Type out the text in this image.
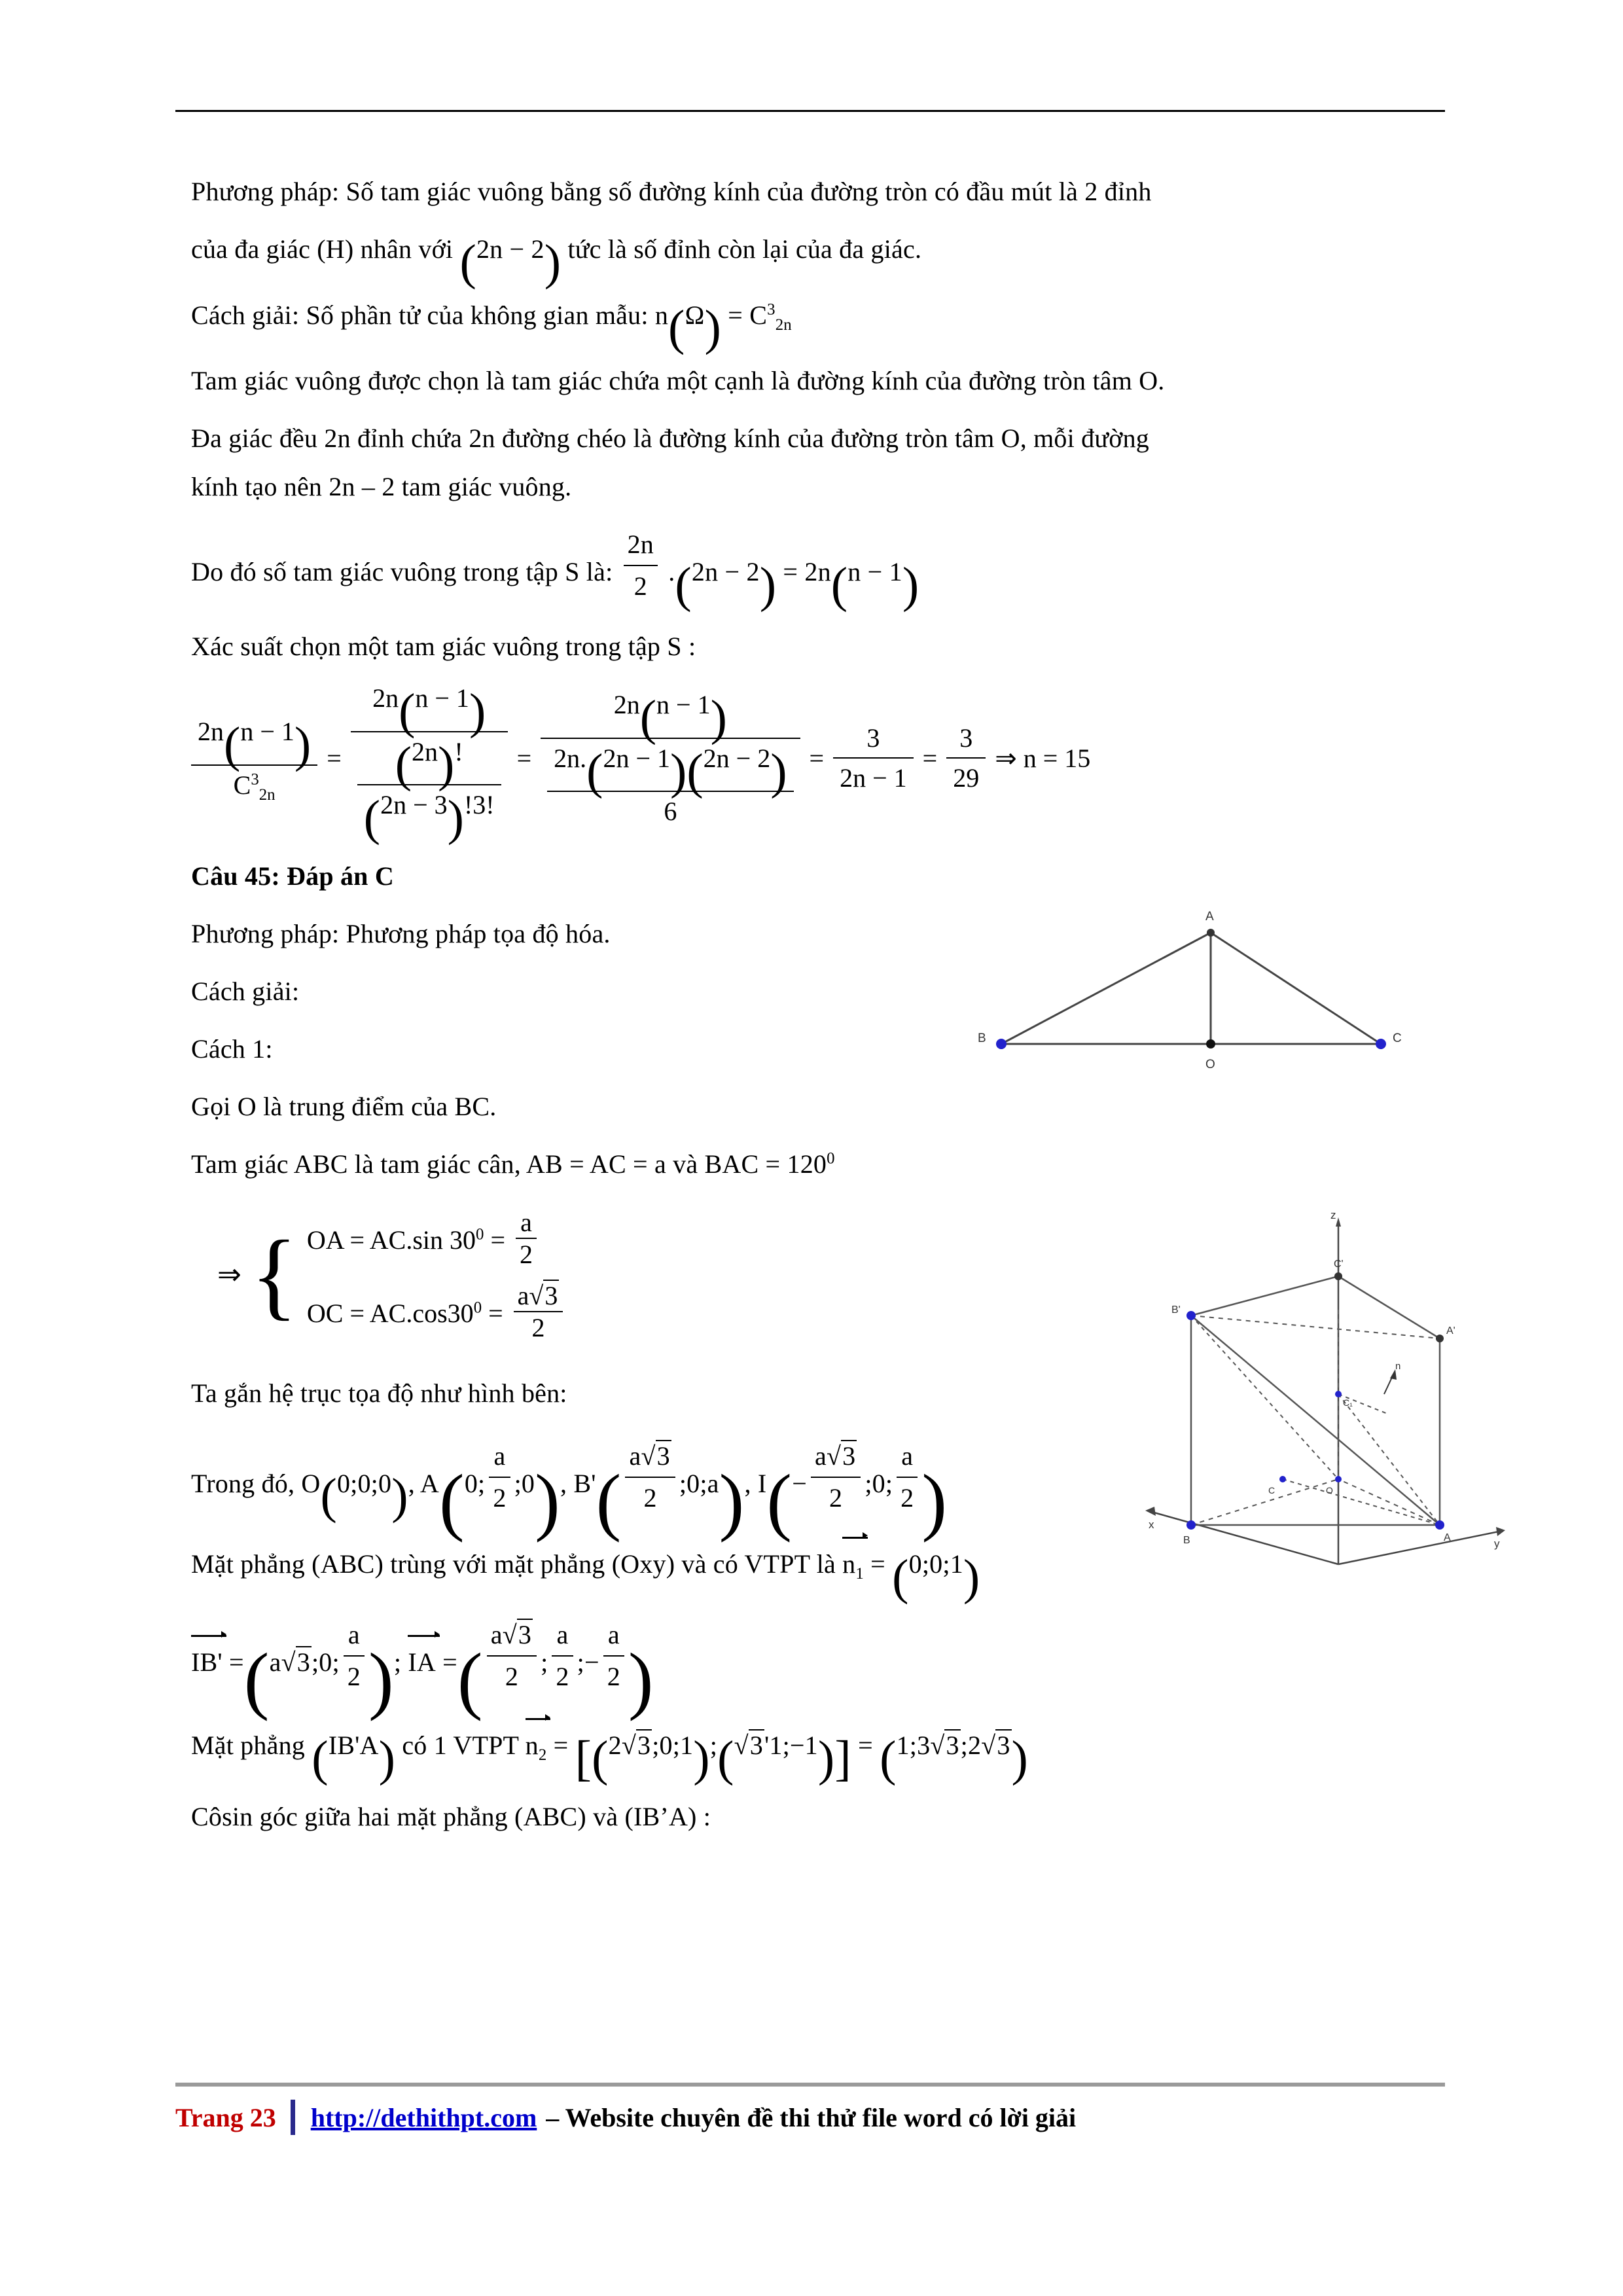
Phương pháp: Số tam giác vuông bằng số đường kính của đường tròn có đầu mút là 2 đỉnh

của đa giác (H) nhân với (2n − 2) tức là số đỉnh còn lại của đa giác.

Cách giải: Số phần tử của không gian mẫu: $n(\Omega) = C^3_{2n}$

Tam giác vuông được chọn là tam giác chứa một cạnh là đường kính của đường tròn tâm O.

Đa giác đều 2n đỉnh chứa 2n đường chéo là đường kính của đường tròn tâm O, mỗi đường

kính tạo nên 2n – 2 tam giác vuông.

Do đó số tam giác vuông trong tập S là: $\frac{2n}{2} .(2n - 2) = 2n(n - 1)$

Xác suất chọn một tam giác vuông trong tập S :

$\frac{2n(n - 1)}{C^3_{2n}} = \frac{2n(n - 1)}{\frac{(2n)!}{(2n - 3)!3!}} = \frac{2n(n - 1)}{\frac{2n.(2n - 1)(2n - 2)}{6}} = \frac{3}{2n - 1} = \frac{3}{29}$ ⇒ n = 15

Câu 45: Đáp án C

Phương pháp: Phương pháp tọa độ hóa.

Cách giải:

Cách 1:

Gọi O là trung điểm của BC.

Tam giác ABC là tam giác cân, AB = AC = a và BAC = $120^0$

⇒ { OA = AC.sin $30^0 = \frac{a}{2}$
OC = $AC.\cos 30^0 = \frac{a√3}{2}$

Ta gắn hệ trục tọa độ như hình bên:

Trong đó, O(0;0;0), A(0; $\frac{a}{2}$ ;0), $B'( \frac{a√3}{2}$ ;0;a), $I(- \frac{a√3}{2}$ ;0; $\frac{a}{2}$ )

Mặt phẳng (ABC) trùng với mặt phẳng (Oxy) và có VTPT là $n_1$ = (0;0;1)

IB' =(a√3;0; $\frac{a}{2}$ ); IA =( $\frac{a√3}{2}$ ; $\frac{a}{2}$ ;− $\frac{a}{2}$ )

Mặt phẳng (IB'A) có 1 VTPT $n_2$ = [(2√3;0;1);(√3'1;−1)] = (1;3√3;2√3)

Côsin góc giữa hai mặt phẳng (ABC) và (IB’A) :

A
B	C
O
z
x
y
n
B	A
O
B'
A'
C'
C
C₁
Trang 23 http://dethithpt.com – Website chuyên đề thi thử file word có lời giải
